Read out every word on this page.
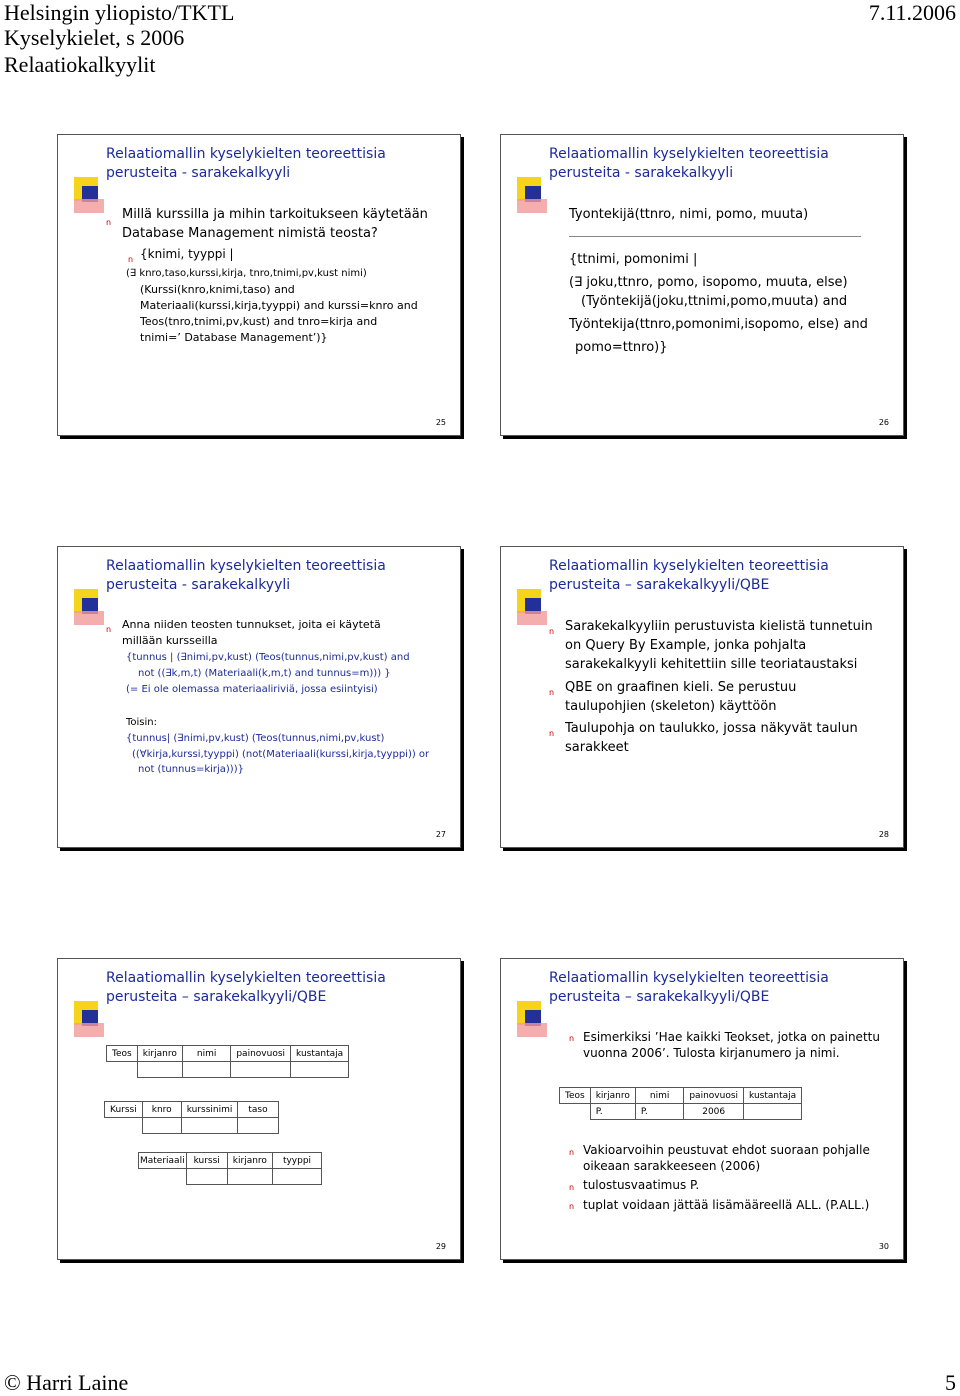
Helsingin yliopisto/TKTL
Kyselykielet, s 2006
Relaatiokalkyylit
7.11.2006
Relaatiomallin kyselykielten teoreettisia perusteita - sarakekalkyyli
n
Millä kurssilla ja mihin tarkoitukseen käytetään
Database Management nimistä teosta?
n {knimi, tyyppi |
(∃ knro,taso,kurssi,kirja, tnro,tnimi,pv,kust nimi)
(Kurssi(knro,knimi,taso) and
Materiaali(kurssi,kirja,tyyppi) and kurssi=knro and
Teos(tnro,tnimi,pv,kust) and tnro=kirja and
tnimi=’ Database Management’)}
25
Relaatiomallin kyselykielten teoreettisia perusteita - sarakekalkyyli
Tyontekijä(ttnro, nimi, pomo, muuta)
{ttnimi, pomonimi |
(∃ joku,ttnro, pomo, isopomo, muuta, else)
(Työntekijä(joku,ttnimi,pomo,muuta) and
Työntekija(ttnro,pomonimi,isopomo, else) and
pomo=ttnro)}
26
Relaatiomallin kyselykielten teoreettisia perusteita - sarakekalkyyli
n Anna niiden teosten tunnukset, joita ei käytetä
millään kursseilla
{tunnus | (∃nimi,pv,kust) (Teos(tunnus,nimi,pv,kust) and
not ((∃k,m,t) (Materiaali(k,m,t) and tunnus=m))) }
(= Ei ole olemassa materiaaliriviä, jossa esiintyisi)
Toisin:
{tunnus| (∃nimi,pv,kust) (Teos(tunnus,nimi,pv,kust)
((∀kirja,kurssi,tyyppi) (not(Materiaali(kurssi,kirja,tyyppi)) or
not (tunnus=kirja)))}
27
Relaatiomallin kyselykielten teoreettisia perusteita – sarakekalkyyli/QBE
n Sarakekalkyyliin perustuvista kielistä tunnetuin
on Query By Example, jonka pohjalta
sarakekalkyyli kehitettiin sille teoriataustaksi
n QBE on graafinen kieli. Se perustuu
taulupohjien (skeleton) käyttöön
n Taulupohja on taulukko, jossa näkyvät taulun
sarakkeet
28
Relaatiomallin kyselykielten teoreettisia perusteita – sarakekalkyyli/QBE
Teos	kirjanro	nimi	painovuosi	kustantaja

Kurssi	knro	kurssinimi	taso

Materiaali	kurssi	kirjanro	tyyppi

29
Relaatiomallin kyselykielten teoreettisia perusteita – sarakekalkyyli/QBE
n Esimerkiksi ’Hae kaikki Teokset, jotka on painettu
vuonna 2006’. Tulosta kirjanumero ja nimi.
Teos	kirjanro	nimi	painovuosi	kustantaja
	P.	P.	2006	
n Vakioarvoihin peustuvat ehdot suoraan pohjalle
oikeaan sarakkeeseen (2006)
n tulostusvaatimus P.
n tuplat voidaan jättää lisämääreellä ALL. (P.ALL.)
30
© Harri Laine	5
